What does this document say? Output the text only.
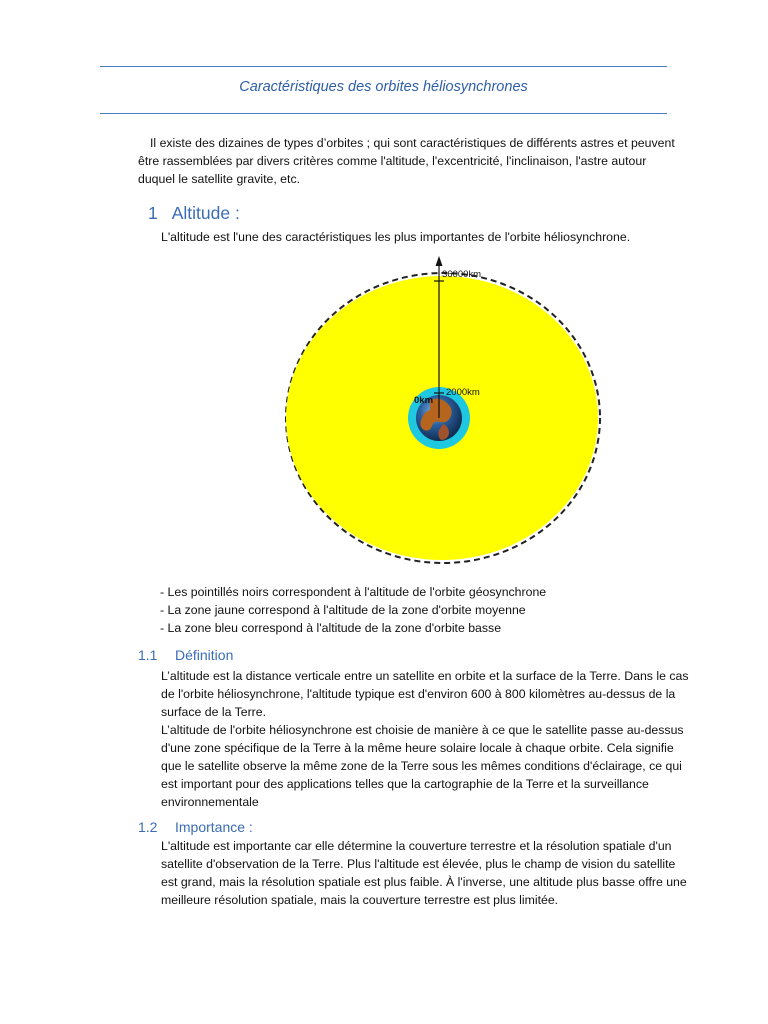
Caractéristiques des orbites héliosynchrones

Il existe des dizaines de types d’orbites ; qui sont caractéristiques de différents astres et peuvent
être rassemblées par divers critères comme l'altitude, l'excentricité, l'inclinaison, l'astre autour
duquel le satellite gravite, etc.

1 Altitude :

L'altitude est l'une des caractéristiques les plus importantes de l'orbite héliosynchrone.

36000km
2000km
0km

- Les pointillés noirs correspondent à l'altitude de l'orbite géosynchrone
- La zone jaune correspond à l'altitude de la zone d'orbite moyenne
- La zone bleu correspond à l'altitude de la zone d'orbite basse

1.1 Définition

L’altitude est la distance verticale entre un satellite en orbite et la surface de la Terre. Dans le cas
de l'orbite héliosynchrone, l'altitude typique est d'environ 600 à 800 kilomètres au-dessus de la
surface de la Terre.
L’altitude de l'orbite héliosynchrone est choisie de manière à ce que le satellite passe au-dessus
d'une zone spécifique de la Terre à la même heure solaire locale à chaque orbite. Cela signifie
que le satellite observe la même zone de la Terre sous les mêmes conditions d'éclairage, ce qui
est important pour des applications telles que la cartographie de la Terre et la surveillance
environnementale

1.2 Importance :

L'altitude est importante car elle détermine la couverture terrestre et la résolution spatiale d'un
satellite d'observation de la Terre. Plus l'altitude est élevée, plus le champ de vision du satellite
est grand, mais la résolution spatiale est plus faible. À l'inverse, une altitude plus basse offre une
meilleure résolution spatiale, mais la couverture terrestre est plus limitée.
